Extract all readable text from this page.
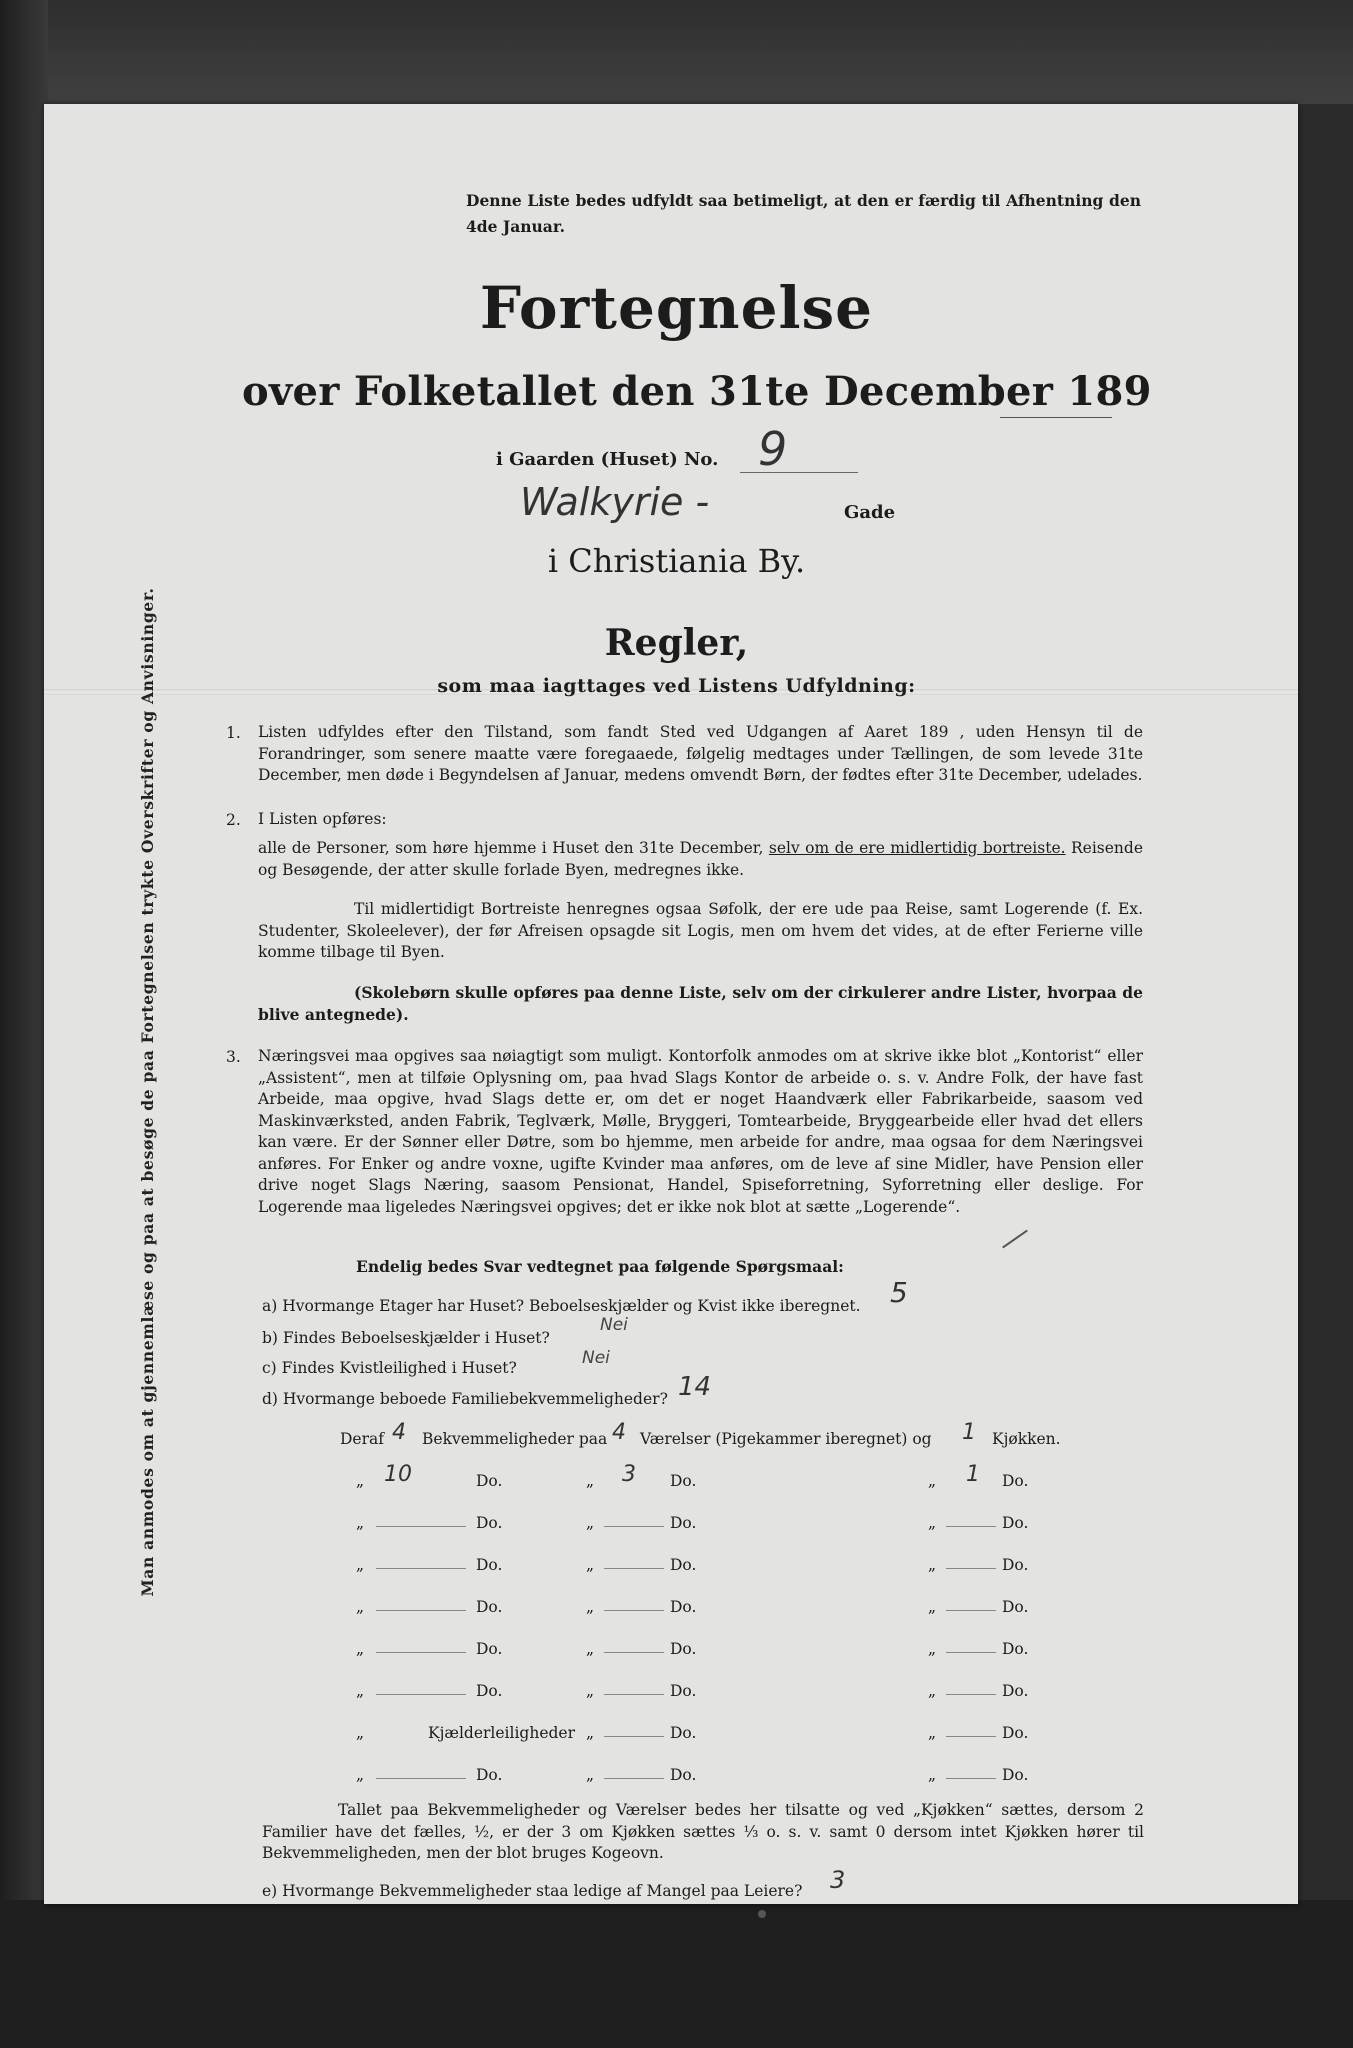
Man anmodes om at gjennemlæse og paa at besøge de paa Fortegnelsen trykte Overskrifter og Anvisninger.
Denne Liste bedes udfyldt saa betimeligt, at den er færdig til Afhentning den 4de Januar.
Fortegnelse
over Folketallet den 31te December 189
i Gaarden (Huset) No. 9
Walkyrie -	Gade
i Christiania By.
Regler,
som maa iagttages ved Listens Udfyldning:
1. Listen udfyldes efter den Tilstand, som fandt Sted ved Udgangen af Aaret 189 , uden Hensyn til de Forandringer, som senere maatte være foregaaede, følgelig medtages under Tællingen, de som levede 31te December, men døde i Begyndelsen af Januar, medens omvendt Børn, der fødtes efter 31te December, udelades.
2. I Listen opføres:
alle de Personer, som høre hjemme i Huset den 31te December, selv om de ere midlertidig bortreiste. Reisende og Besøgende, der atter skulle forlade Byen, medregnes ikke.
Til midlertidigt Bortreiste henregnes ogsaa Søfolk, der ere ude paa Reise, samt Logerende (f. Ex. Studenter, Skoleelever), der før Afreisen opsagde sit Logis, men om hvem det vides, at de efter Ferierne ville komme tilbage til Byen.
(Skolebørn skulle opføres paa denne Liste, selv om der cirkulerer andre Lister, hvorpaa de blive antegnede).
3. Næringsvei maa opgives saa nøiagtigt som muligt. Kontorfolk anmodes om at skrive ikke blot „Kontorist“ eller „Assistent“, men at tilføie Oplysning om, paa hvad Slags Kontor de arbeide o. s. v. Andre Folk, der have fast Arbeide, maa opgive, hvad Slags dette er, om det er noget Haandværk eller Fabrikarbeide, saasom ved Maskinværksted, anden Fabrik, Teglværk, Mølle, Bryggeri, Tomtearbeide, Bryggearbeide eller hvad det ellers kan være. Er der Sønner eller Døtre, som bo hjemme, men arbeide for andre, maa ogsaa for dem Næringsvei anføres. For Enker og andre voxne, ugifte Kvinder maa anføres, om de leve af sine Midler, have Pension eller drive noget Slags Næring, saasom Pensionat, Handel, Spiseforretning, Syforretning eller deslige. For Logerende maa ligeledes Næringsvei opgives; det er ikke nok blot at sætte „Logerende“.
Endelig bedes Svar vedtegnet paa følgende Spørgsmaal:
a) Hvormange Etager har Huset? Beboelseskjælder og Kvist ikke iberegnet. 5
b) Findes Beboelseskjælder i Huset?
Nei
c) Findes Kvistleilighed i Huset?	Nei
d) Hvormange beboede Familiebekvemmeligheder? 14
Deraf 4 Bekvemmeligheder paa 4 Værelser (Pigekammer iberegnet) og 1 Kjøkken.
„ 10	Do.	„ 3 Do.	„ 1 Do.
„	Do.	„	Do.	„	Do.
„	Do.	„	Do.	„	Do.
„	Do.	„	Do.	„	Do.
„	Do.	„	Do.	„	Do.
„	Do.	„	Do.	„	Do.
„	Kjælderleiligheder „	Do.	„	Do.
„	Do.	„	Do.	„	Do.
Tallet paa Bekvemmeligheder og Værelser bedes her tilsatte og ved „Kjøkken“ sættes, dersom 2 Familier have det fælles, ½, er der 3 om Kjøkken sættes ⅓ o. s. v. samt 0 dersom intet Kjøkken hører til Bekvemmeligheden, men der blot bruges Kogeovn.
e) Hvormange Bekvemmeligheder staa ledige af Mangel paa Leiere? 3
